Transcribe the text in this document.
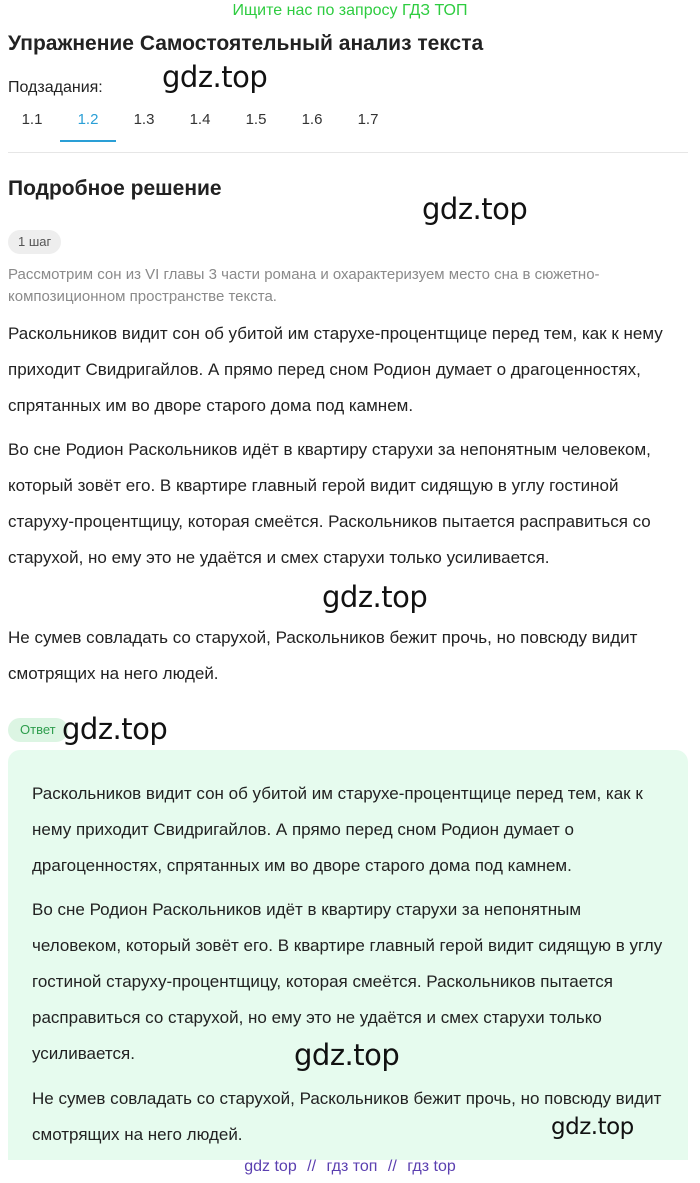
Ищите нас по запросу ГДЗ ТОП
Упражнение Самостоятельный анализ текста
Подзадания:
1.1	1.2	1.3	1.4	1.5	1.6	1.7
Подробное решение
1 шаг

Рассмотрим сон из VI главы 3 части романа и охарактеризуем место сна в сюжетно-композиционном пространстве текста.

Раскольников видит сон об убитой им старухе-процентщице перед тем, как к нему приходит Свидригайлов. А прямо перед сном Родион думает о драгоценностях, спрятанных им во дворе старого дома под камнем.

Во сне Родион Раскольников идёт в квартиру старухи за непонятным человеком, который зовёт его. В квартире главный герой видит сидящую в углу гостиной старуху-процентщицу, которая смеётся. Раскольников пытается расправиться со старухой, но ему это не удаётся и смех старухи только усиливается.

Не сумев совладать со старухой, Раскольников бежит прочь, но повсюду видит смотрящих на него людей.

Ответ

Раскольников видит сон об убитой им старухе-процентщице перед тем, как к нему приходит Свидригайлов. А прямо перед сном Родион думает о драгоценностях, спрятанных им во дворе старого дома под камнем.

Во сне Родион Раскольников идёт в квартиру старухи за непонятным человеком, который зовёт его. В квартире главный герой видит сидящую в углу гостиной старуху-процентщицу, которая смеётся. Раскольников пытается расправиться со старухой, но ему это не удаётся и смех старухи только усиливается.

Не сумев совладать со старухой, Раскольников бежит прочь, но повсюду видит смотрящих на него людей.

gdz.top
gdz.top
gdz.top
gdz.top
gdz.top
gdz.top
gdz top // гдз топ // гдз top
